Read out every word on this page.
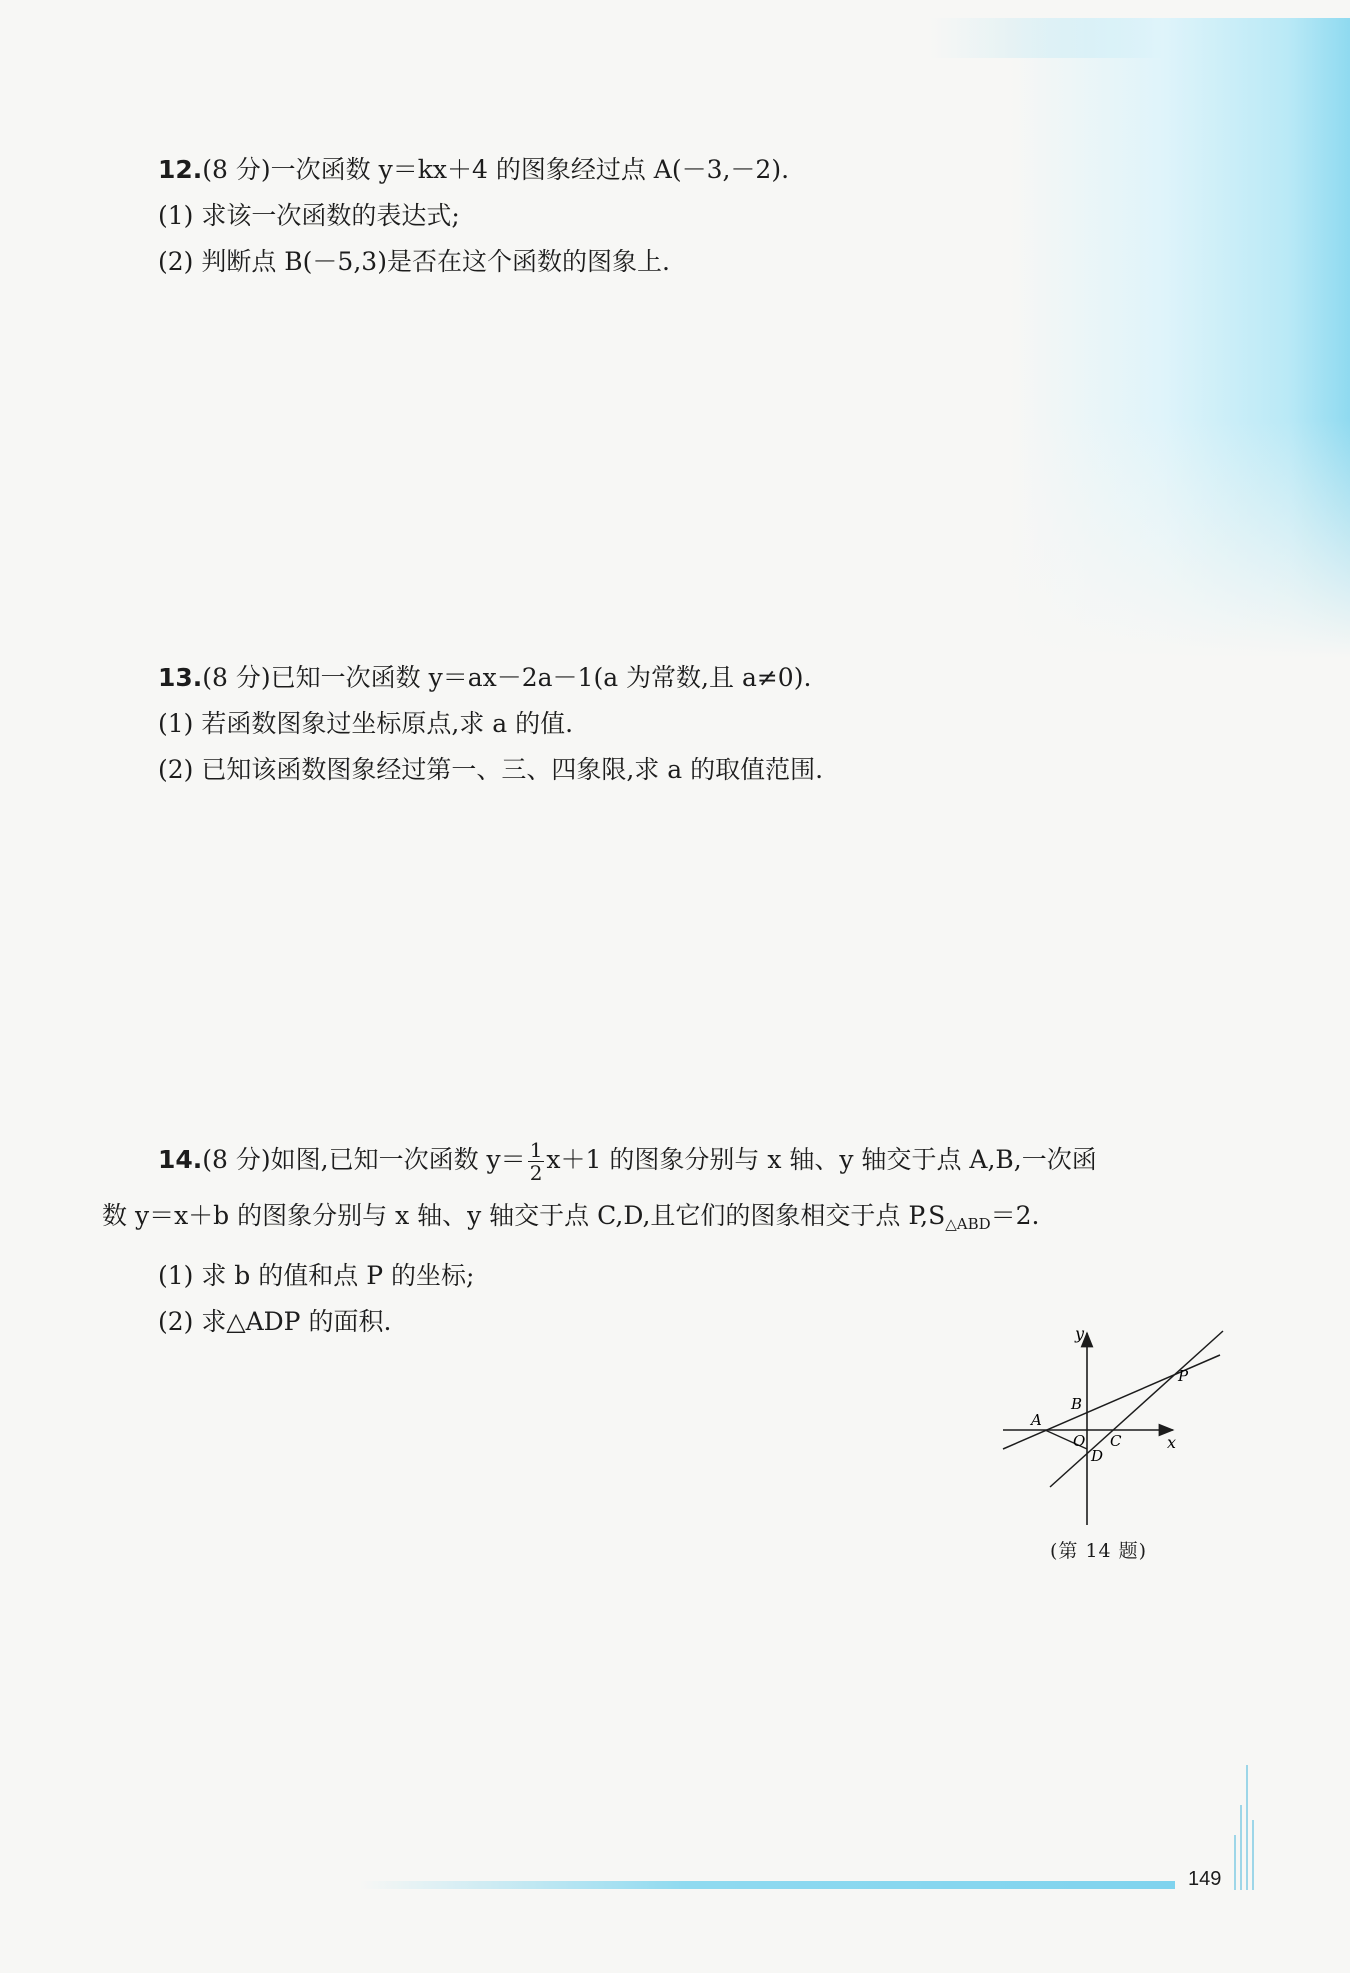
12.(8 分)一次函数 y＝kx＋4 的图象经过点 A(－3,－2).

(1) 求该一次函数的表达式;

(2) 判断点 B(－5,3)是否在这个函数的图象上.

13.(8 分)已知一次函数 y＝ax－2a－1(a 为常数,且 a≠0).

(1) 若函数图象过坐标原点,求 a 的值.

(2) 已知该函数图象经过第一、三、四象限,求 a 的取值范围.

14.(8 分)如图,已知一次函数 $y= \frac{1}{2} x+1$ 的图象分别与 x 轴、y 轴交于点 A,B,一次函

数 y＝x＋b 的图象分别与 x 轴、y 轴交于点 C,D,且它们的图象相交于点 $P,S_{\triangle ABD}=2$.

(1) 求 b 的值和点 P 的坐标;

(2) 求△ADP 的面积.	y
x
A
B
O C
D
P
(第 14 题)
149
